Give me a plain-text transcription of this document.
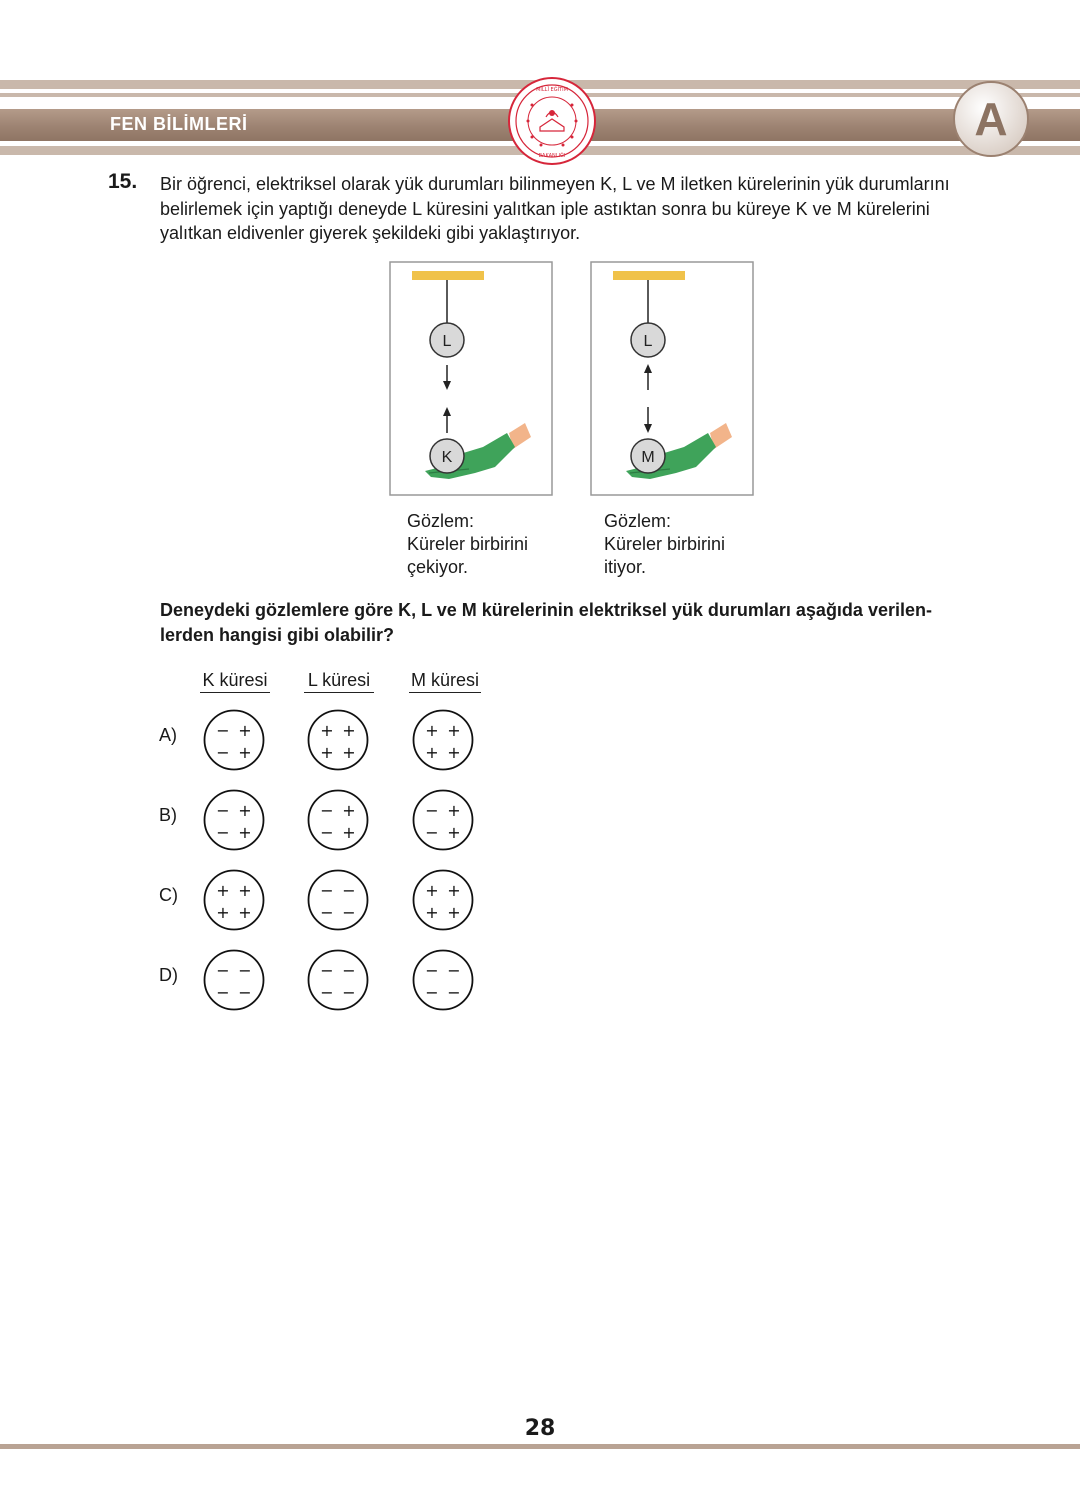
FEN BİLİMLERİ
MİLLÎ EĞİTİM
BAKANLIĞI
A
15. Bir öğrenci, elektriksel olarak yük durumları bilinmeyen K, L ve M iletken kürelerinin yük durumlarını
belirlemek için yaptığı deneyde L küresini yalıtkan iple astıktan sonra bu küreye K ve M kürelerini
yalıtkan eldivenler giyerek şekildeki gibi yaklaştırıyor.
L
K
L
M
Gözlem:
Küreler birbirini
çekiyor.
Gözlem:
Küreler birbirini
itiyor.
Deneydeki gözlemlere göre K, L ve M kürelerinin elektriksel yük durumları aşağıda verilen-
lerden hangisi gibi olabilir?
K küresi L küresi M küresi
A) − +
− +
+ +
+ +
+ +
+ +
B) − +
− +
− +
− +
− +
− +
C) + +
+ +
− −
− −
+ +
+ +
D) − −
− −
− −
− −
− −
− −
28
